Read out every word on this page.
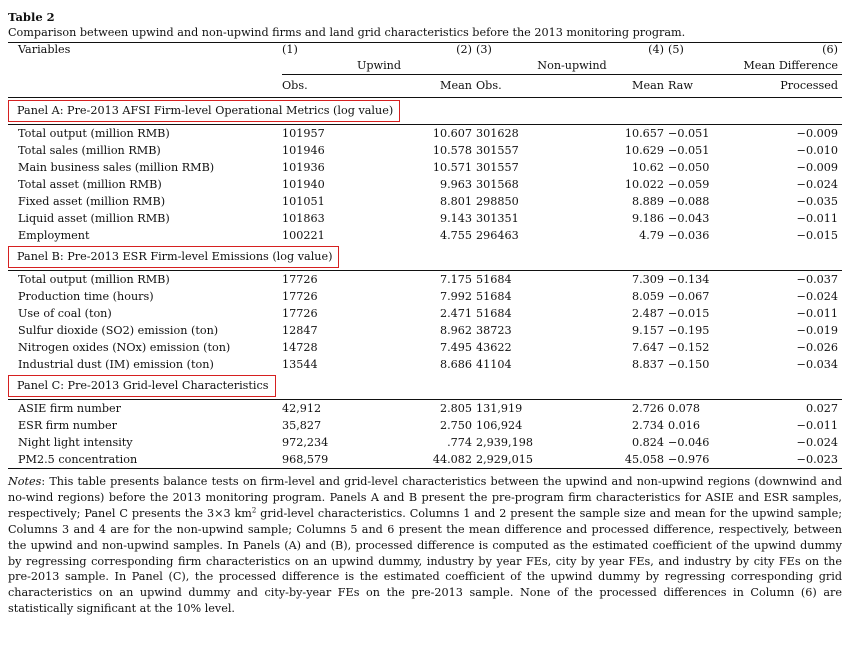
Table 2
Comparison between upwind and non-upwind firms and land grid characteristics before the 2013 monitoring program.
Variables	(1)	(2)	(3)	(4)	(5)	(6)
	Upwind		Non-upwind		Mean Difference	
	Obs.	Mean	Obs.	Mean	Raw	Processed
Panel A: Pre-2013 AFSI Firm-level Operational Metrics (log value)						
Total output (million RMB)	101957	10.607	301628	10.657	−0.051	−0.009
Total sales (million RMB)	101946	10.578	301557	10.629	−0.051	−0.010
Main business sales (million RMB)	101936	10.571	301557	10.62	−0.050	−0.009
Total asset (million RMB)	101940	9.963	301568	10.022	−0.059	−0.024
Fixed asset (million RMB)	101051	8.801	298850	8.889	−0.088	−0.035
Liquid asset (million RMB)	101863	9.143	301351	9.186	−0.043	−0.011
Employment	100221	4.755	296463	4.79	−0.036	−0.015
Panel B: Pre-2013 ESR Firm-level Emissions (log value)						
Total output (million RMB)	17726	7.175	51684	7.309	−0.134	−0.037
Production time (hours)	17726	7.992	51684	8.059	−0.067	−0.024
Use of coal (ton)	17726	2.471	51684	2.487	−0.015	−0.011
Sulfur dioxide (SO2) emission (ton)	12847	8.962	38723	9.157	−0.195	−0.019
Nitrogen oxides (NOx) emission (ton)	14728	7.495	43622	7.647	−0.152	−0.026
Industrial dust (IM) emission (ton)	13544	8.686	41104	8.837	−0.150	−0.034
Panel C: Pre-2013 Grid-level Characteristics						
ASIE firm number	42,912	2.805	131,919	2.726	0.078	0.027
ESR firm number	35,827	2.750	106,924	2.734	0.016	−0.011
Night light intensity	972,234	.774	2,939,198	0.824	−0.046	−0.024
PM2.5 concentration	968,579	44.082	2,929,015	45.058	−0.976	−0.023
Notes: This table presents balance tests on firm-level and grid-level characteristics between the upwind and non-upwind regions (downwind and no-wind regions) before the 2013 monitoring program. Panels A and B present the pre-program firm characteristics for ASIE and ESR samples, respectively; Panel C presents the 3×3 $km^2$ grid-level characteristics. Columns 1 and 2 present the sample size and mean for the upwind sample; Columns 3 and 4 are for the non-upwind sample; Columns 5 and 6 present the mean difference and processed difference, respectively, between the upwind and non-upwind samples. In Panels (A) and (B), processed difference is computed as the estimated coefficient of the upwind dummy by regressing corresponding firm characteristics on an upwind dummy, industry by year FEs, city by year FEs, and industry by city FEs on the pre-2013 sample. In Panel (C), the processed difference is the estimated coefficient of the upwind dummy by regressing corresponding grid characteristics on an upwind dummy and city-by-year FEs on the pre-2013 sample. None of the processed differences in Column (6) are statistically significant at the 10% level.
